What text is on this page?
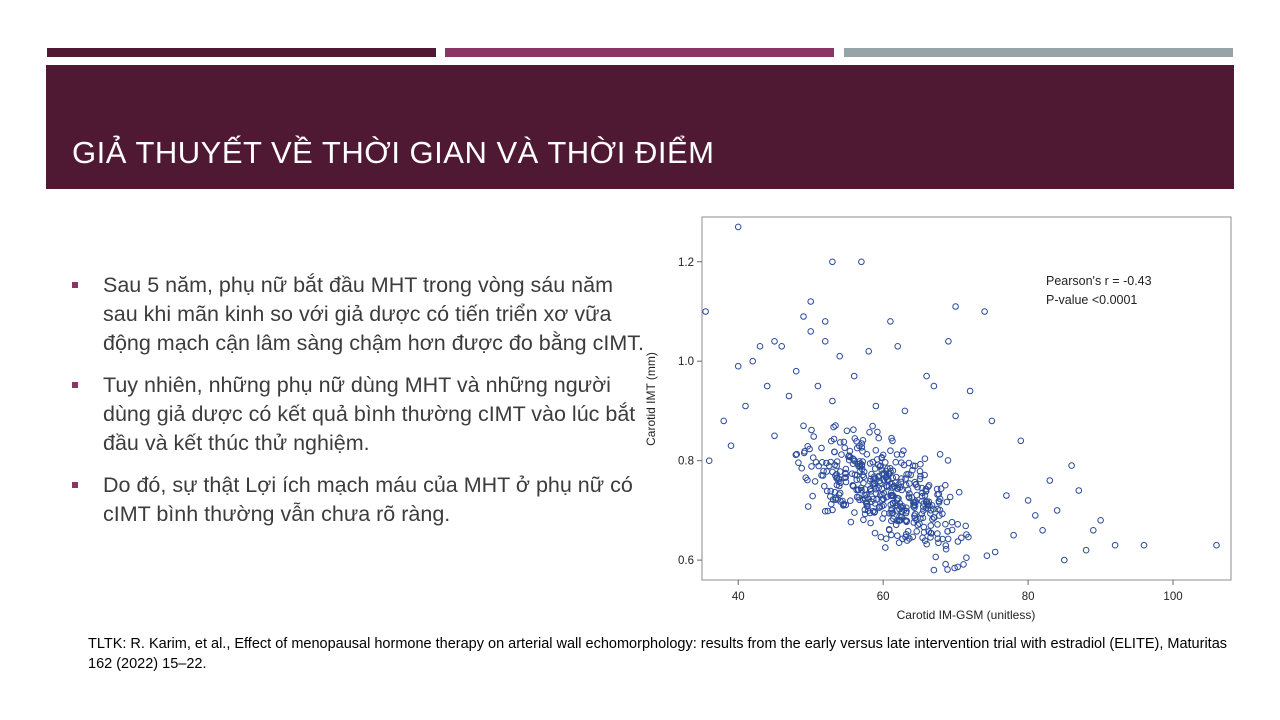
GIẢ THUYẾT VỀ THỜI GIAN VÀ THỜI ĐIỂM
Sau 5 năm, phụ nữ bắt đầu MHT trong vòng sáu năm sau khi mãn kinh so với giả dược có tiến triển xơ vữa động mạch cận lâm sàng chậm hơn được đo bằng cIMT.
Tuy nhiên, những phụ nữ dùng MHT và những người dùng giả dược có kết quả bình thường cIMT vào lúc bắt đầu và kết thúc thử nghiệm.
Do đó, sự thật Lợi ích mạch máu của MHT ở phụ nữ có cIMT bình thường vẫn chưa rõ ràng.
40	60	80	100
0.6
0.8
1.0
1.2
Pearson's r = -0.43
P-value <0.0001
Carotid IM-GSM (unitless)
Carotid IMT (mm)

TLTK: R. Karim, et al., Effect of menopausal hormone therapy on arterial wall echomorphology: results from the early versus late intervention trial with estradiol (ELITE), Maturitas 162 (2022) 15–22.
